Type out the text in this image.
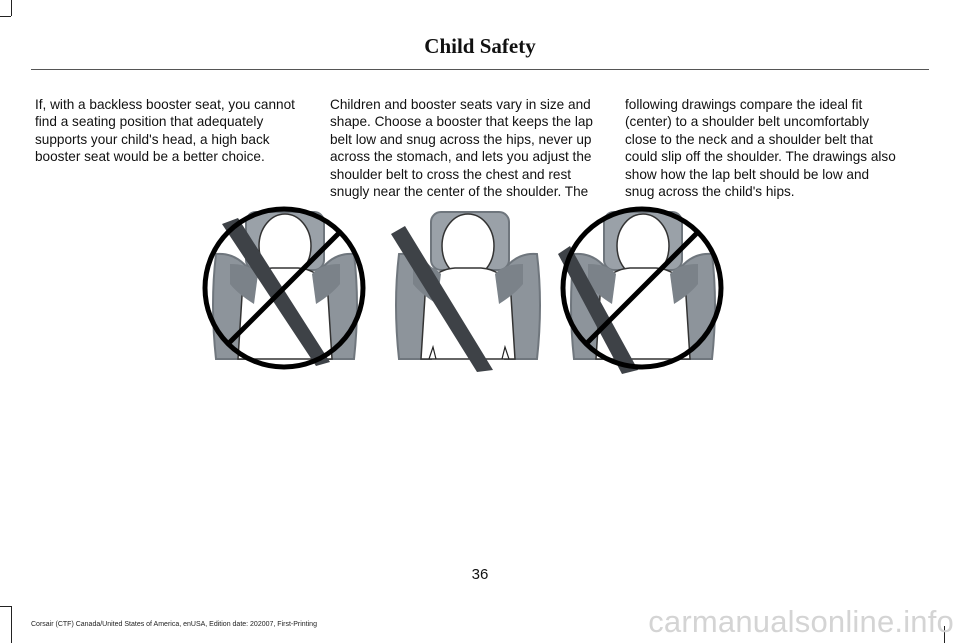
Child Safety
If, with a backless booster seat, you cannot find a seating position that adequately supports your child's head, a high back booster seat would be a better choice.
Children and booster seats vary in size and shape. Choose a booster that keeps the lap belt low and snug across the hips, never up across the stomach, and lets you adjust the shoulder belt to cross the chest and rest snugly near the center of the shoulder. The
following drawings compare the ideal fit (center) to a shoulder belt uncomfortably close to the neck and a shoulder belt that could slip off the shoulder. The drawings also show how the lap belt should be low and snug across the child's hips.
36
Corsair (CTF) Canada/United States of America, enUSA, Edition date: 202007, First-Printing	carmanualsonline.info
